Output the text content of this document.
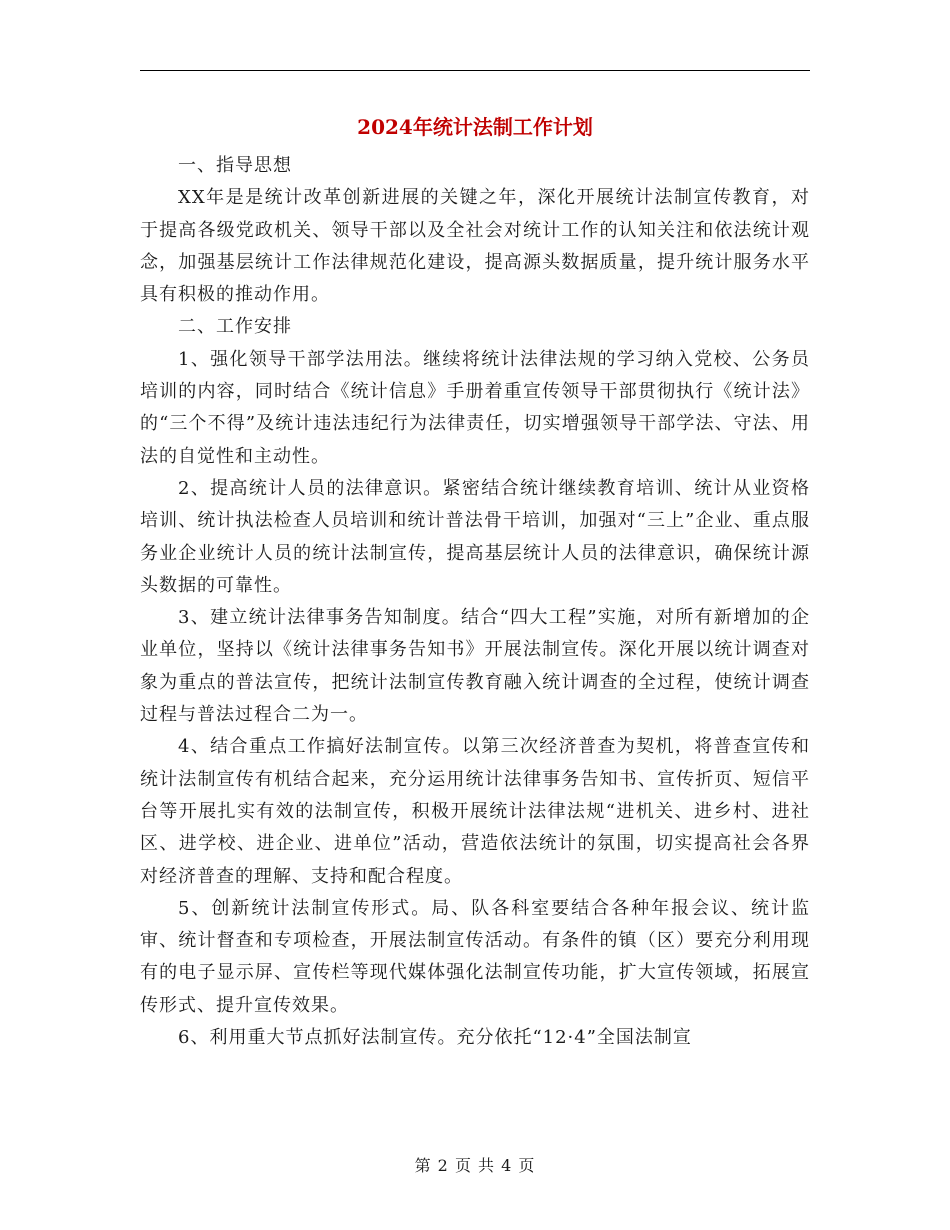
2024年统计法制工作计划

一、指导思想

XX年是是统计改革创新进展的关键之年，深化开展统计法制宣传教育，对于提高各级党政机关、领导干部以及全社会对统计工作的认知关注和依法统计观念，加强基层统计工作法律规范化建设，提高源头数据质量，提升统计服务水平具有积极的推动作用。

二、工作安排

1、强化领导干部学法用法。继续将统计法律法规的学习纳入党校、公务员培训的内容，同时结合《统计信息》手册着重宣传领导干部贯彻执行《统计法》的“三个不得”及统计违法违纪行为法律责任，切实增强领导干部学法、守法、用法的自觉性和主动性。

2、提高统计人员的法律意识。紧密结合统计继续教育培训、统计从业资格培训、统计执法检查人员培训和统计普法骨干培训，加强对“三上”企业、重点服务业企业统计人员的统计法制宣传，提高基层统计人员的法律意识，确保统计源头数据的可靠性。

3、建立统计法律事务告知制度。结合“四大工程”实施，对所有新增加的企业单位，坚持以《统计法律事务告知书》开展法制宣传。深化开展以统计调查对象为重点的普法宣传，把统计法制宣传教育融入统计调查的全过程，使统计调查过程与普法过程合二为一。

4、结合重点工作搞好法制宣传。以第三次经济普查为契机，将普查宣传和统计法制宣传有机结合起来，充分运用统计法律事务告知书、宣传折页、短信平台等开展扎实有效的法制宣传，积极开展统计法律法规“进机关、进乡村、进社区、进学校、进企业、进单位”活动，营造依法统计的氛围，切实提高社会各界对经济普查的理解、支持和配合程度。

5、创新统计法制宣传形式。局、队各科室要结合各种年报会议、统计监审、统计督查和专项检查，开展法制宣传活动。有条件的镇（区）要充分利用现有的电子显示屏、宣传栏等现代媒体强化法制宣传功能，扩大宣传领域，拓展宣传形式、提升宣传效果。

6、利用重大节点抓好法制宣传。充分依托“12·4”全国法制宣

第 2 页 共 4 页
